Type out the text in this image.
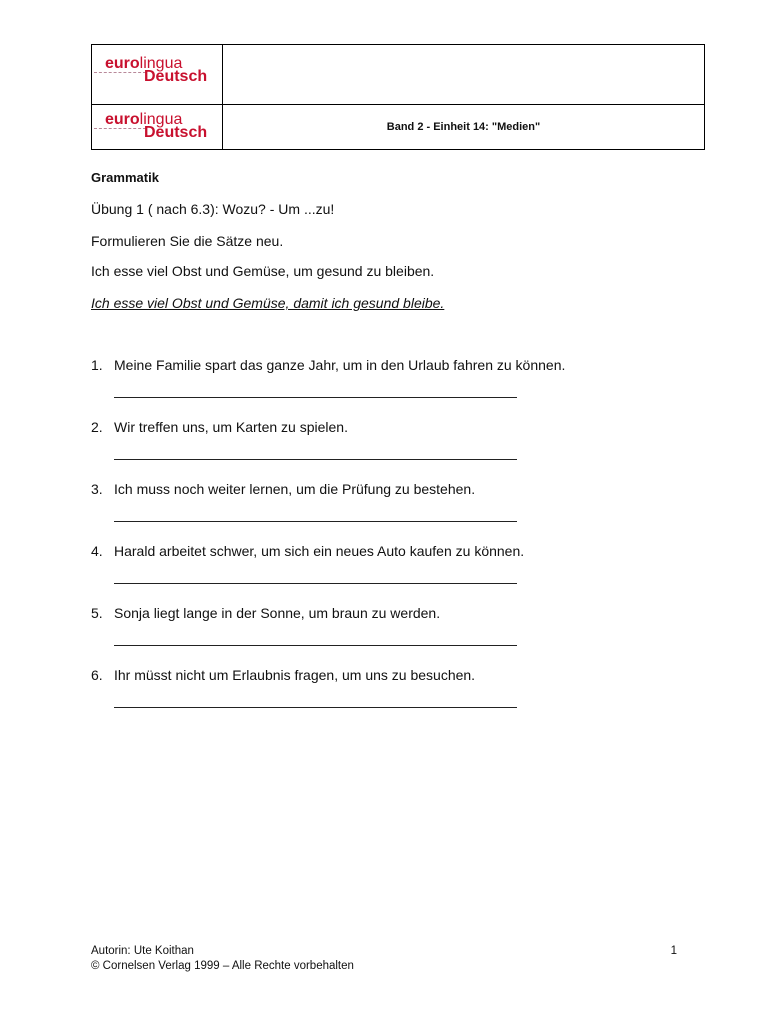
eurolingua
Deutsch
eurolingua
Deutsch	Band 2 - Einheit 14: "Medien"
Grammatik
Übung 1 ( nach 6.3): Wozu? - Um ...zu!
Formulieren Sie die Sätze neu.
Ich esse viel Obst und Gemüse, um gesund zu bleiben.
Ich esse viel Obst und Gemüse, damit ich gesund bleibe.
1. Meine Familie spart das ganze Jahr, um in den Urlaub fahren zu können.
2. Wir treffen uns, um Karten zu spielen.
3. Ich muss noch weiter lernen, um die Prüfung zu bestehen.
4. Harald arbeitet schwer, um sich ein neues Auto kaufen zu können.
5. Sonja liegt lange in der Sonne, um braun zu werden.
6. Ihr müsst nicht um Erlaubnis fragen, um uns zu besuchen.
Autorin: Ute Koithan
© Cornelsen Verlag 1999 – Alle Rechte vorbehalten
1
